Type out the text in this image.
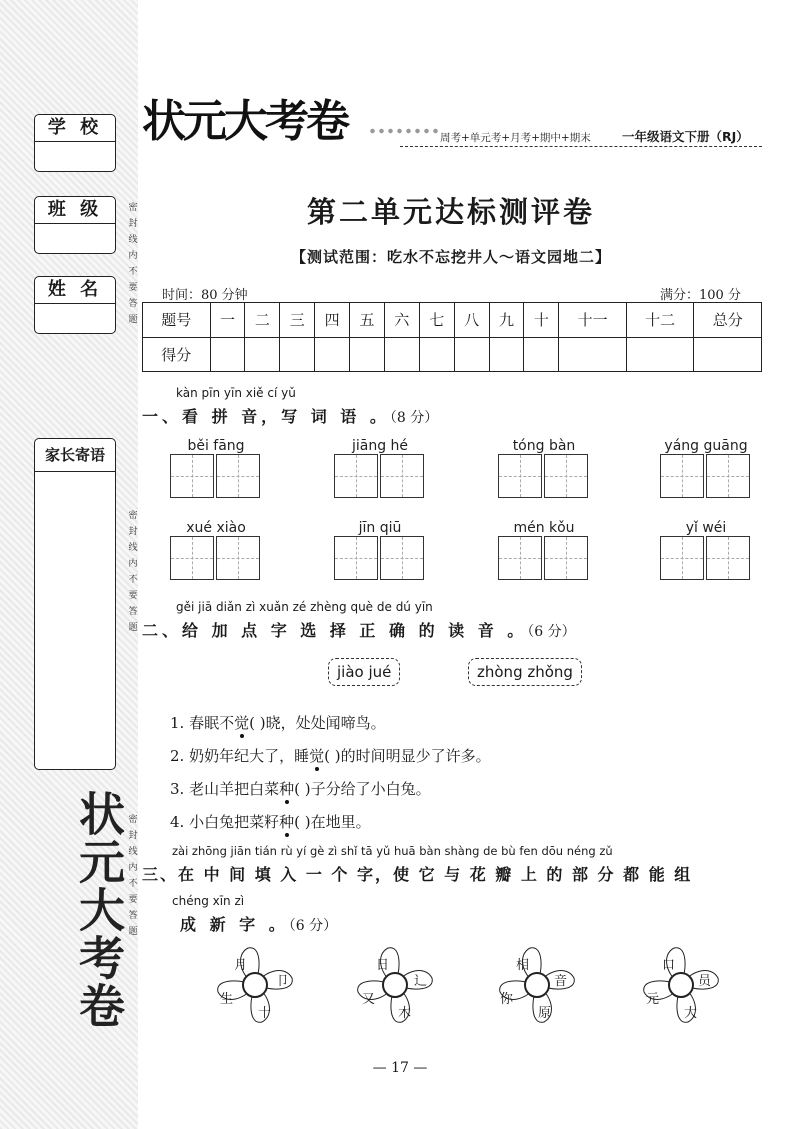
学 校
班 级
姓 名
家长寄语
密封线内不要答题
密封线内不要答题
密封线内不要答题
状元大考卷
状元大考卷	周考+单元考+月考+期中+期末	一年级语文下册（RJ）
第二单元达标测评卷
【测试范围：吃水不忘挖井人～语文园地二】
时间：80 分钟	满分：100 分
题号	一	二	三	四	五	六	七	八	九	十	十一	十二	总分
得分													
kàn pīn yīn xiě cí yǔ
一、看 拼 音，写 词 语 。（8 分）
běi fāng	jiāng hé	tóng bàn	yáng guāng
xué xiào	jīn qiū	mén kǒu	yǐ wéi
gěi jiā diǎn zì xuǎn zé zhèng què de dú yīn
二、给 加 点 字 选 择 正 确 的 读 音 。（6 分）
jiào jué	zhòng zhǒng
1. 春眠不觉( )晓，处处闻啼鸟。
2. 奶奶年纪大了，睡觉( )的时间明显少了许多。
3. 老山羊把白菜种( )子分给了小白兔。
4. 小白兔把菜籽种( )在地里。
zài zhōng jiān tián rù yí gè zì shǐ tā yǔ huā bàn shàng de bù fen dōu néng zǔ
三、在 中 间 填 入 一 个 字，使 它 与 花 瓣 上 的 部 分 都 能 组
chéng xīn zì
成 新 字 。（6 分）
月
卩
生
十
日
辶
又
木
相
音
你
原
口
员
元
大
— 17 —
